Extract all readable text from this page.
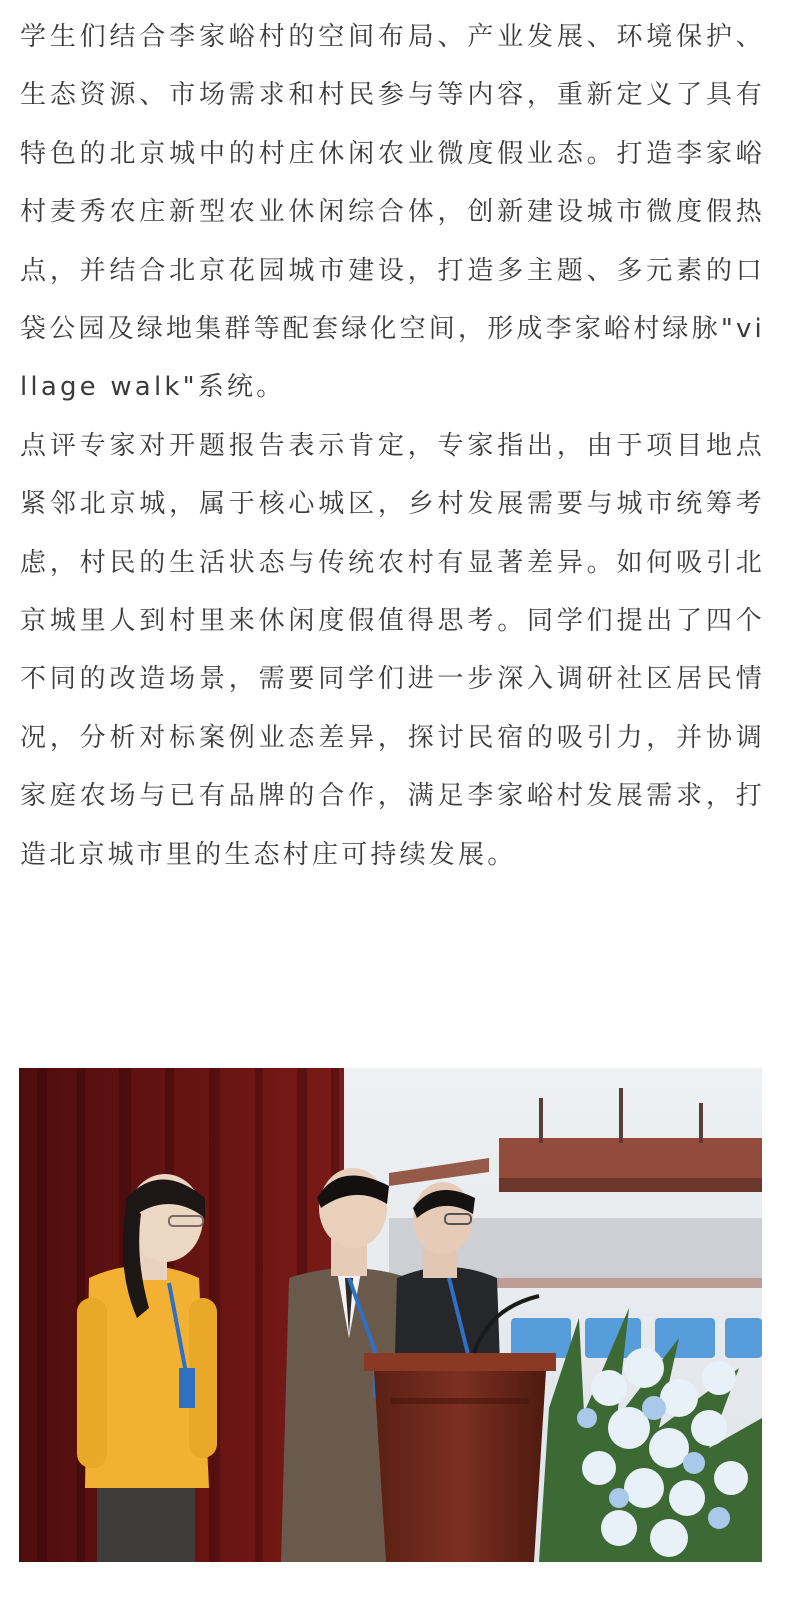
学生们结合李家峪村的空间布局、产业发展、环境保护、生态资源、市场需求和村民参与等内容，重新定义了具有特色的北京城中的村庄休闲农业微度假业态。打造李家峪村麦秀农庄新型农业休闲综合体，创新建设城市微度假热点，并结合北京花园城市建设，打造多主题、多元素的口袋公园及绿地集群等配套绿化空间，形成李家峪村绿脉"village walk"系统。

点评专家对开题报告表示肯定，专家指出，由于项目地点紧邻北京城，属于核心城区，乡村发展需要与城市统筹考虑，村民的生活状态与传统农村有显著差异。如何吸引北京城里人到村里来休闲度假值得思考。同学们提出了四个不同的改造场景，需要同学们进一步深入调研社区居民情况，分析对标案例业态差异，探讨民宿的吸引力，并协调家庭农场与已有品牌的合作，满足李家峪村发展需求，打造北京城市里的生态村庄可持续发展。
